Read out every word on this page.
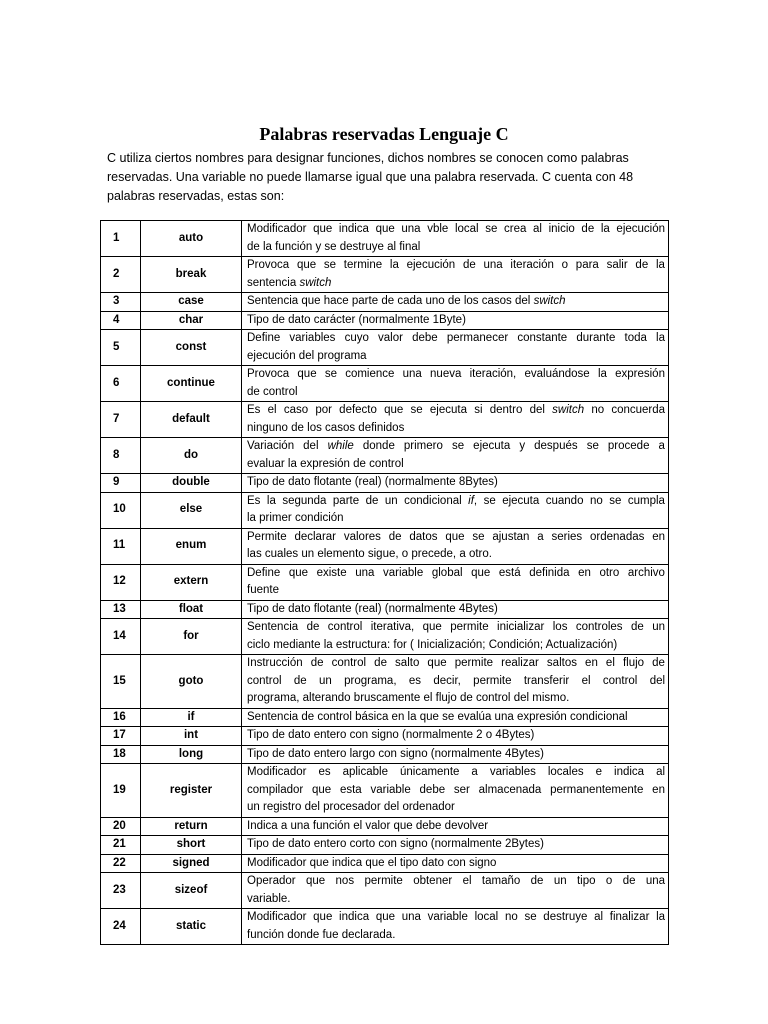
Palabras reservadas Lenguaje C

C utiliza ciertos nombres para designar funciones, dichos nombres se conocen como palabras
reservadas. Una variable no puede llamarse igual que una palabra reservada. C cuenta con 48
palabras reservadas, estas son:

1	auto	Modificador que indica que una vble local se crea al inicio de la ejecución
de la función y se destruye al final

2	break	Provoca que se termine la ejecución de una iteración o para salir de la
sentencia switch

3	case	Sentencia que hace parte de cada uno de los casos del switch

4	char	Tipo de dato carácter (normalmente 1Byte)

5	const	Define variables cuyo valor debe permanecer constante durante toda la
ejecución del programa

6	continue	Provoca que se comience una nueva iteración, evaluándose la expresión
de control

7	default	Es el caso por defecto que se ejecuta si dentro del switch no concuerda
ninguno de los casos definidos

8	do	Variación del while donde primero se ejecuta y después se procede a
evaluar la expresión de control

9	double	Tipo de dato flotante (real) (normalmente 8Bytes)

10	else	Es la segunda parte de un condicional if, se ejecuta cuando no se cumpla
la primer condición

11	enum	Permite declarar valores de datos que se ajustan a series ordenadas en
las cuales un elemento sigue, o precede, a otro.

12	extern	Define que existe una variable global que está definida en otro archivo
fuente

13	float	Tipo de dato flotante (real) (normalmente 4Bytes)

14	for	Sentencia de control iterativa, que permite inicializar los controles de un
ciclo mediante la estructura: for ( Inicialización; Condición; Actualización)

15	goto	Instrucción de control de salto que permite realizar saltos en el flujo de
control de un programa, es decir, permite transferir el control del
programa, alterando bruscamente el flujo de control del mismo.

16	if	Sentencia de control básica en la que se evalúa una expresión condicional

17	int	Tipo de dato entero con signo (normalmente 2 o 4Bytes)

18	long	Tipo de dato entero largo con signo (normalmente 4Bytes)

19	register	Modificador es aplicable únicamente a variables locales e indica al
compilador que esta variable debe ser almacenada permanentemente en
un registro del procesador del ordenador

20	return	Indica a una función el valor que debe devolver

21	short	Tipo de dato entero corto con signo (normalmente 2Bytes)

22	signed	Modificador que indica que el tipo dato con signo

23	sizeof	Operador que nos permite obtener el tamaño de un tipo o de una
variable.

24	static	Modificador que indica que una variable local no se destruye al finalizar la
función donde fue declarada.
